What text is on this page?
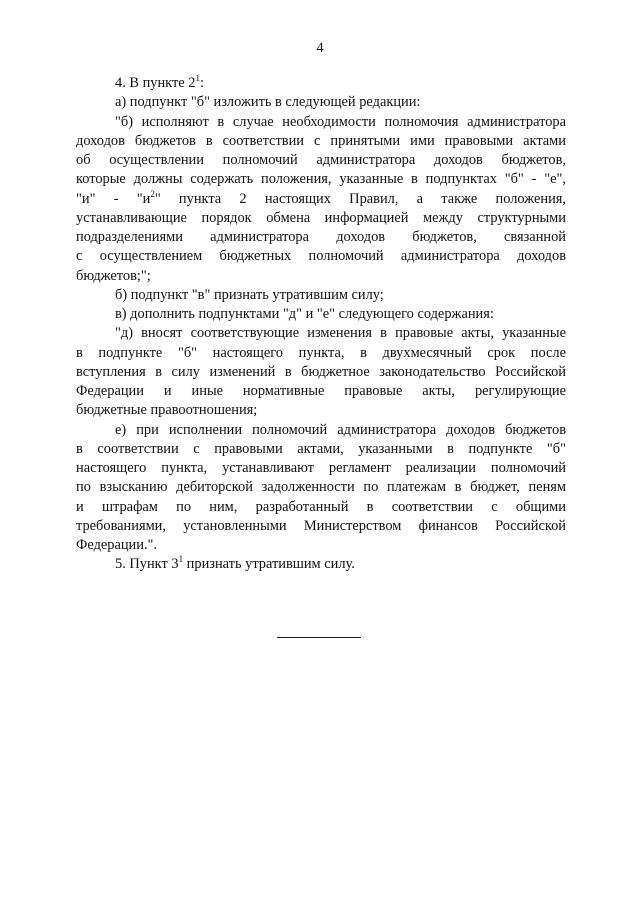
4

4. В пункте $2^1$:

а) подпункт "б" изложить в следующей редакции:

"б) исполняют в случае необходимости полномочия администратора
доходов бюджетов в соответствии с принятыми ими правовыми актами
об осуществлении полномочий администратора доходов бюджетов,
которые должны содержать положения, указанные в подпунктах "б" - "е",
"и" - "$и^2$" пункта 2 настоящих Правил, а также положения,
устанавливающие порядок обмена информацией между структурными
подразделениями администратора доходов бюджетов, связанной
с осуществлением бюджетных полномочий администратора доходов
бюджетов;";

б) подпункт "в" признать утратившим силу;

в) дополнить подпунктами "д" и "е" следующего содержания:

"д) вносят соответствующие изменения в правовые акты, указанные
в подпункте "б" настоящего пункта, в двухмесячный срок после
вступления в силу изменений в бюджетное законодательство Российской
Федерации и иные нормативные правовые акты, регулирующие
бюджетные правоотношения;
е) при исполнении полномочий администратора доходов бюджетов
в соответствии с правовыми актами, указанными в подпункте "б"
настоящего пункта, устанавливают регламент реализации полномочий
по взысканию дебиторской задолженности по платежам в бюджет, пеням
и штрафам по ним, разработанный в соответствии с общими
требованиями, установленными Министерством финансов Российской
Федерации.".

5. Пункт $3^1$ признать утратившим силу.
